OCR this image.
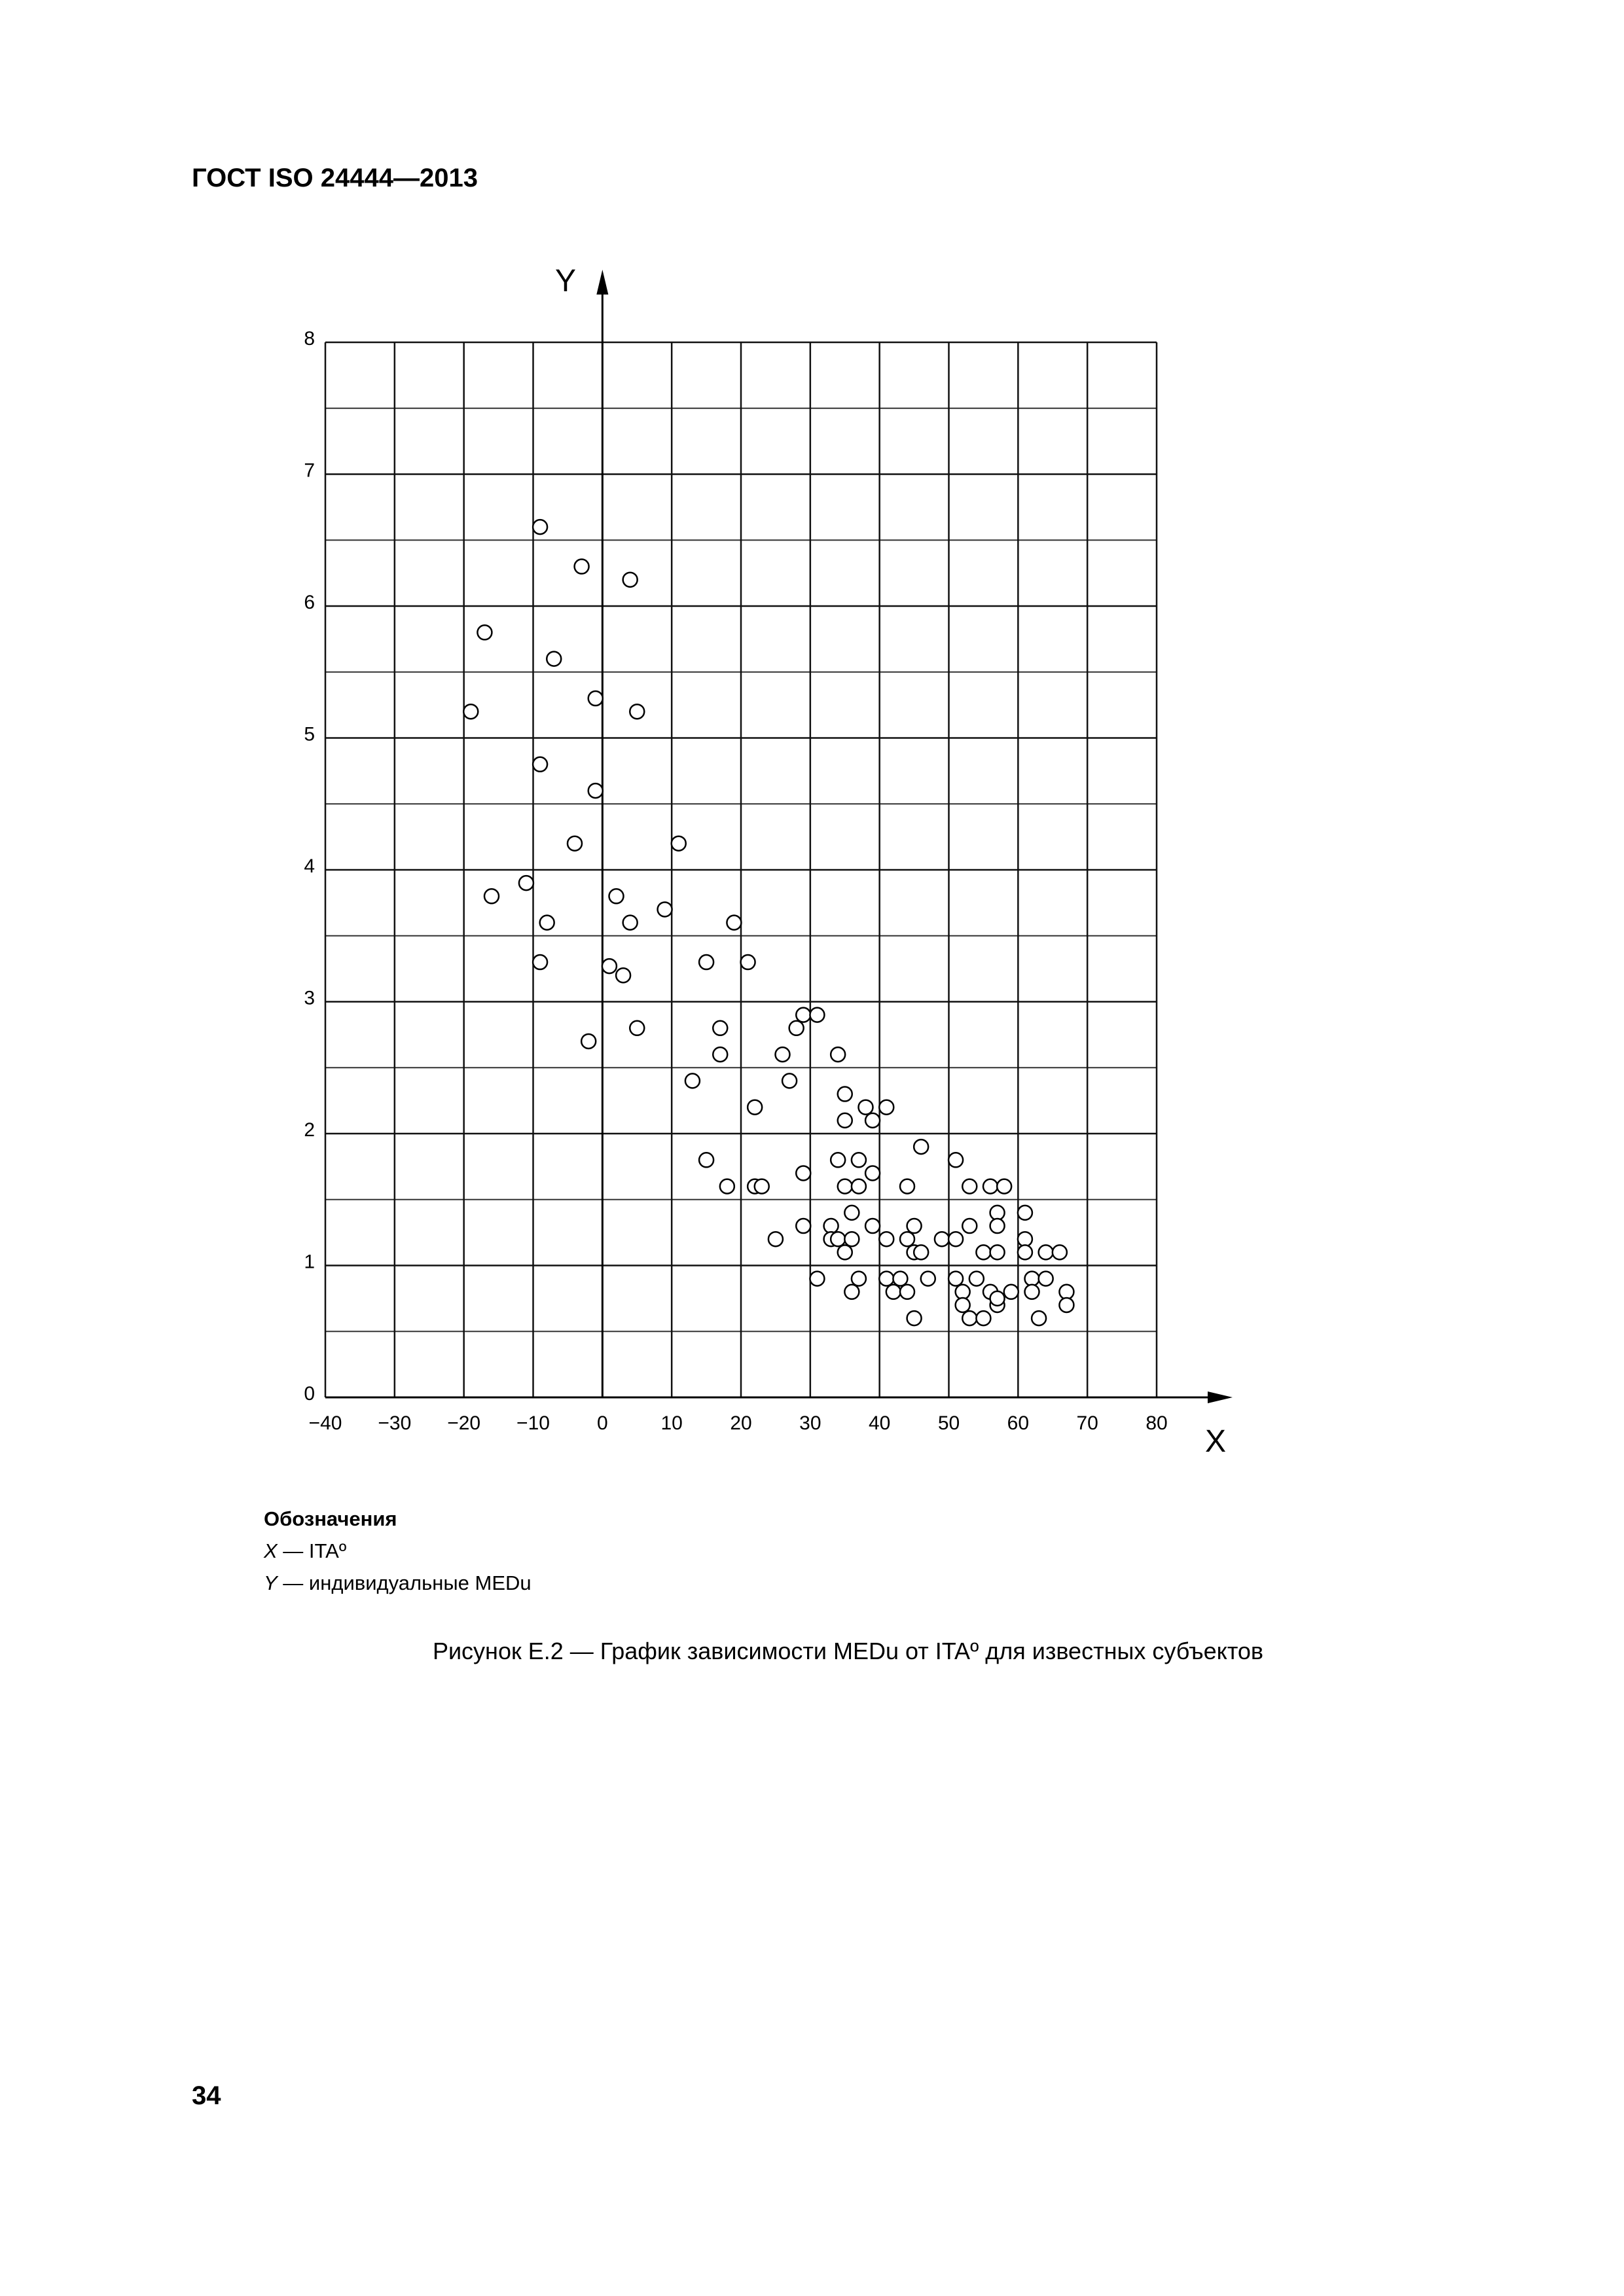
ГОСТ ISO 24444—2013
−40 −30 −20 −10 0	10 20 30 40 50 60 70 80
0
1
2
3
4
5
6
7
8
Y
X
Обозначения
X — ITAº
Y — индивидуальные MEDu
Рисунок Е.2 — График зависимости MEDu от ITAº для известных субъектов
34
